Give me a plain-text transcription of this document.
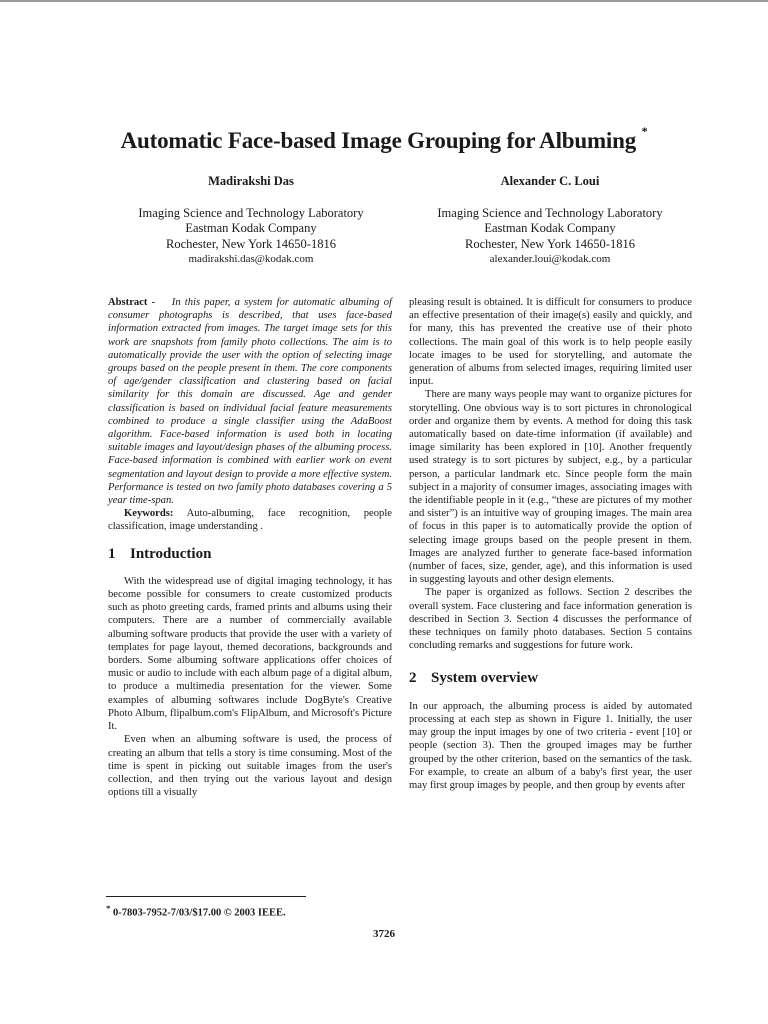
Automatic Face-based Image Grouping for Albuming *
Madirakshi Das
Imaging Science and Technology Laboratory
Eastman Kodak Company
Rochester, New York 14650-1816
madirakshi.das@kodak.com
Alexander C. Loui
Imaging Science and Technology Laboratory
Eastman Kodak Company
Rochester, New York 14650-1816
alexander.loui@kodak.com

Abstract - In this paper, a system for automatic albuming of consumer photographs is described, that uses face-based information extracted from images. The target image sets for this work are snapshots from family photo collections. The aim is to automatically provide the user with the option of selecting image groups based on the people present in them. The core components of age/gender classification and clustering based on facial similarity for this domain are discussed. Age and gender classification is based on individual facial feature measurements combined to produce a single classifier using the AdaBoost algorithm. Face-based information is used both in locating suitable images and layout/design phases of the albuming process. Face-based information is combined with earlier work on event segmentation and layout design to provide a more effective system. Performance is tested on two family photo databases covering a 5 year time-span.

Keywords: Auto-albuming, face recognition, people classification, image understanding .

1 Introduction

With the widespread use of digital imaging technology, it has become possible for consumers to create customized products such as photo greeting cards, framed prints and albums using their computers. There are a number of commercially available albuming software products that provide the user with a variety of templates for page layout, themed decorations, backgrounds and borders. Some albuming software applications offer choices of music or audio to include with each album page of a digital album, to produce a multimedia presentation for the viewer. Some examples of albuming softwares include DogByte's Creative Photo Album, flipalbum.com's FlipAlbum, and Microsoft's Picture It.

Even when an albuming software is used, the process of creating an album that tells a story is time consuming. Most of the time is spent in picking out suitable images from the user's collection, and then trying out the various layout and design options till a visually

pleasing result is obtained. It is difficult for consumers to produce an effective presentation of their image(s) easily and quickly, and for many, this has prevented the creative use of their photo collections. The main goal of this work is to help people easily locate images to be used for storytelling, and automate the generation of albums from selected images, requiring limited user input.

There are many ways people may want to organize pictures for storytelling. One obvious way is to sort pictures in chronological order and organize them by events. A method for doing this task automatically based on date-time information (if available) and image similarity has been explored in [10]. Another frequently used strategy is to sort pictures by subject, e.g., by a particular person, a particular landmark etc. Since people form the main subject in a majority of consumer images, associating images with the identifiable people in it (e.g., “these are pictures of my mother and sister”) is an intuitive way of grouping images. The main area of focus in this paper is to automatically provide the option of selecting image groups based on the people present in them. Images are analyzed further to generate face-based information (number of faces, size, gender, age), and this information is used in suggesting layouts and other design elements.

The paper is organized as follows. Section 2 describes the overall system. Face clustering and face information generation is described in Section 3. Section 4 discusses the performance of these techniques on family photo databases. Section 5 contains concluding remarks and suggestions for future work.

2 System overview

In our approach, the albuming process is aided by automated processing at each step as shown in Figure 1. Initially, the user may group the input images by one of two criteria - event [10] or people (section 3). Then the grouped images may be further grouped by the other criterion, based on the semantics of the task. For example, to create an album of a baby's first year, the user may first group images by people, and then group by events after

* 0-7803-7952-7/03/$17.00 © 2003 IEEE.
3726
